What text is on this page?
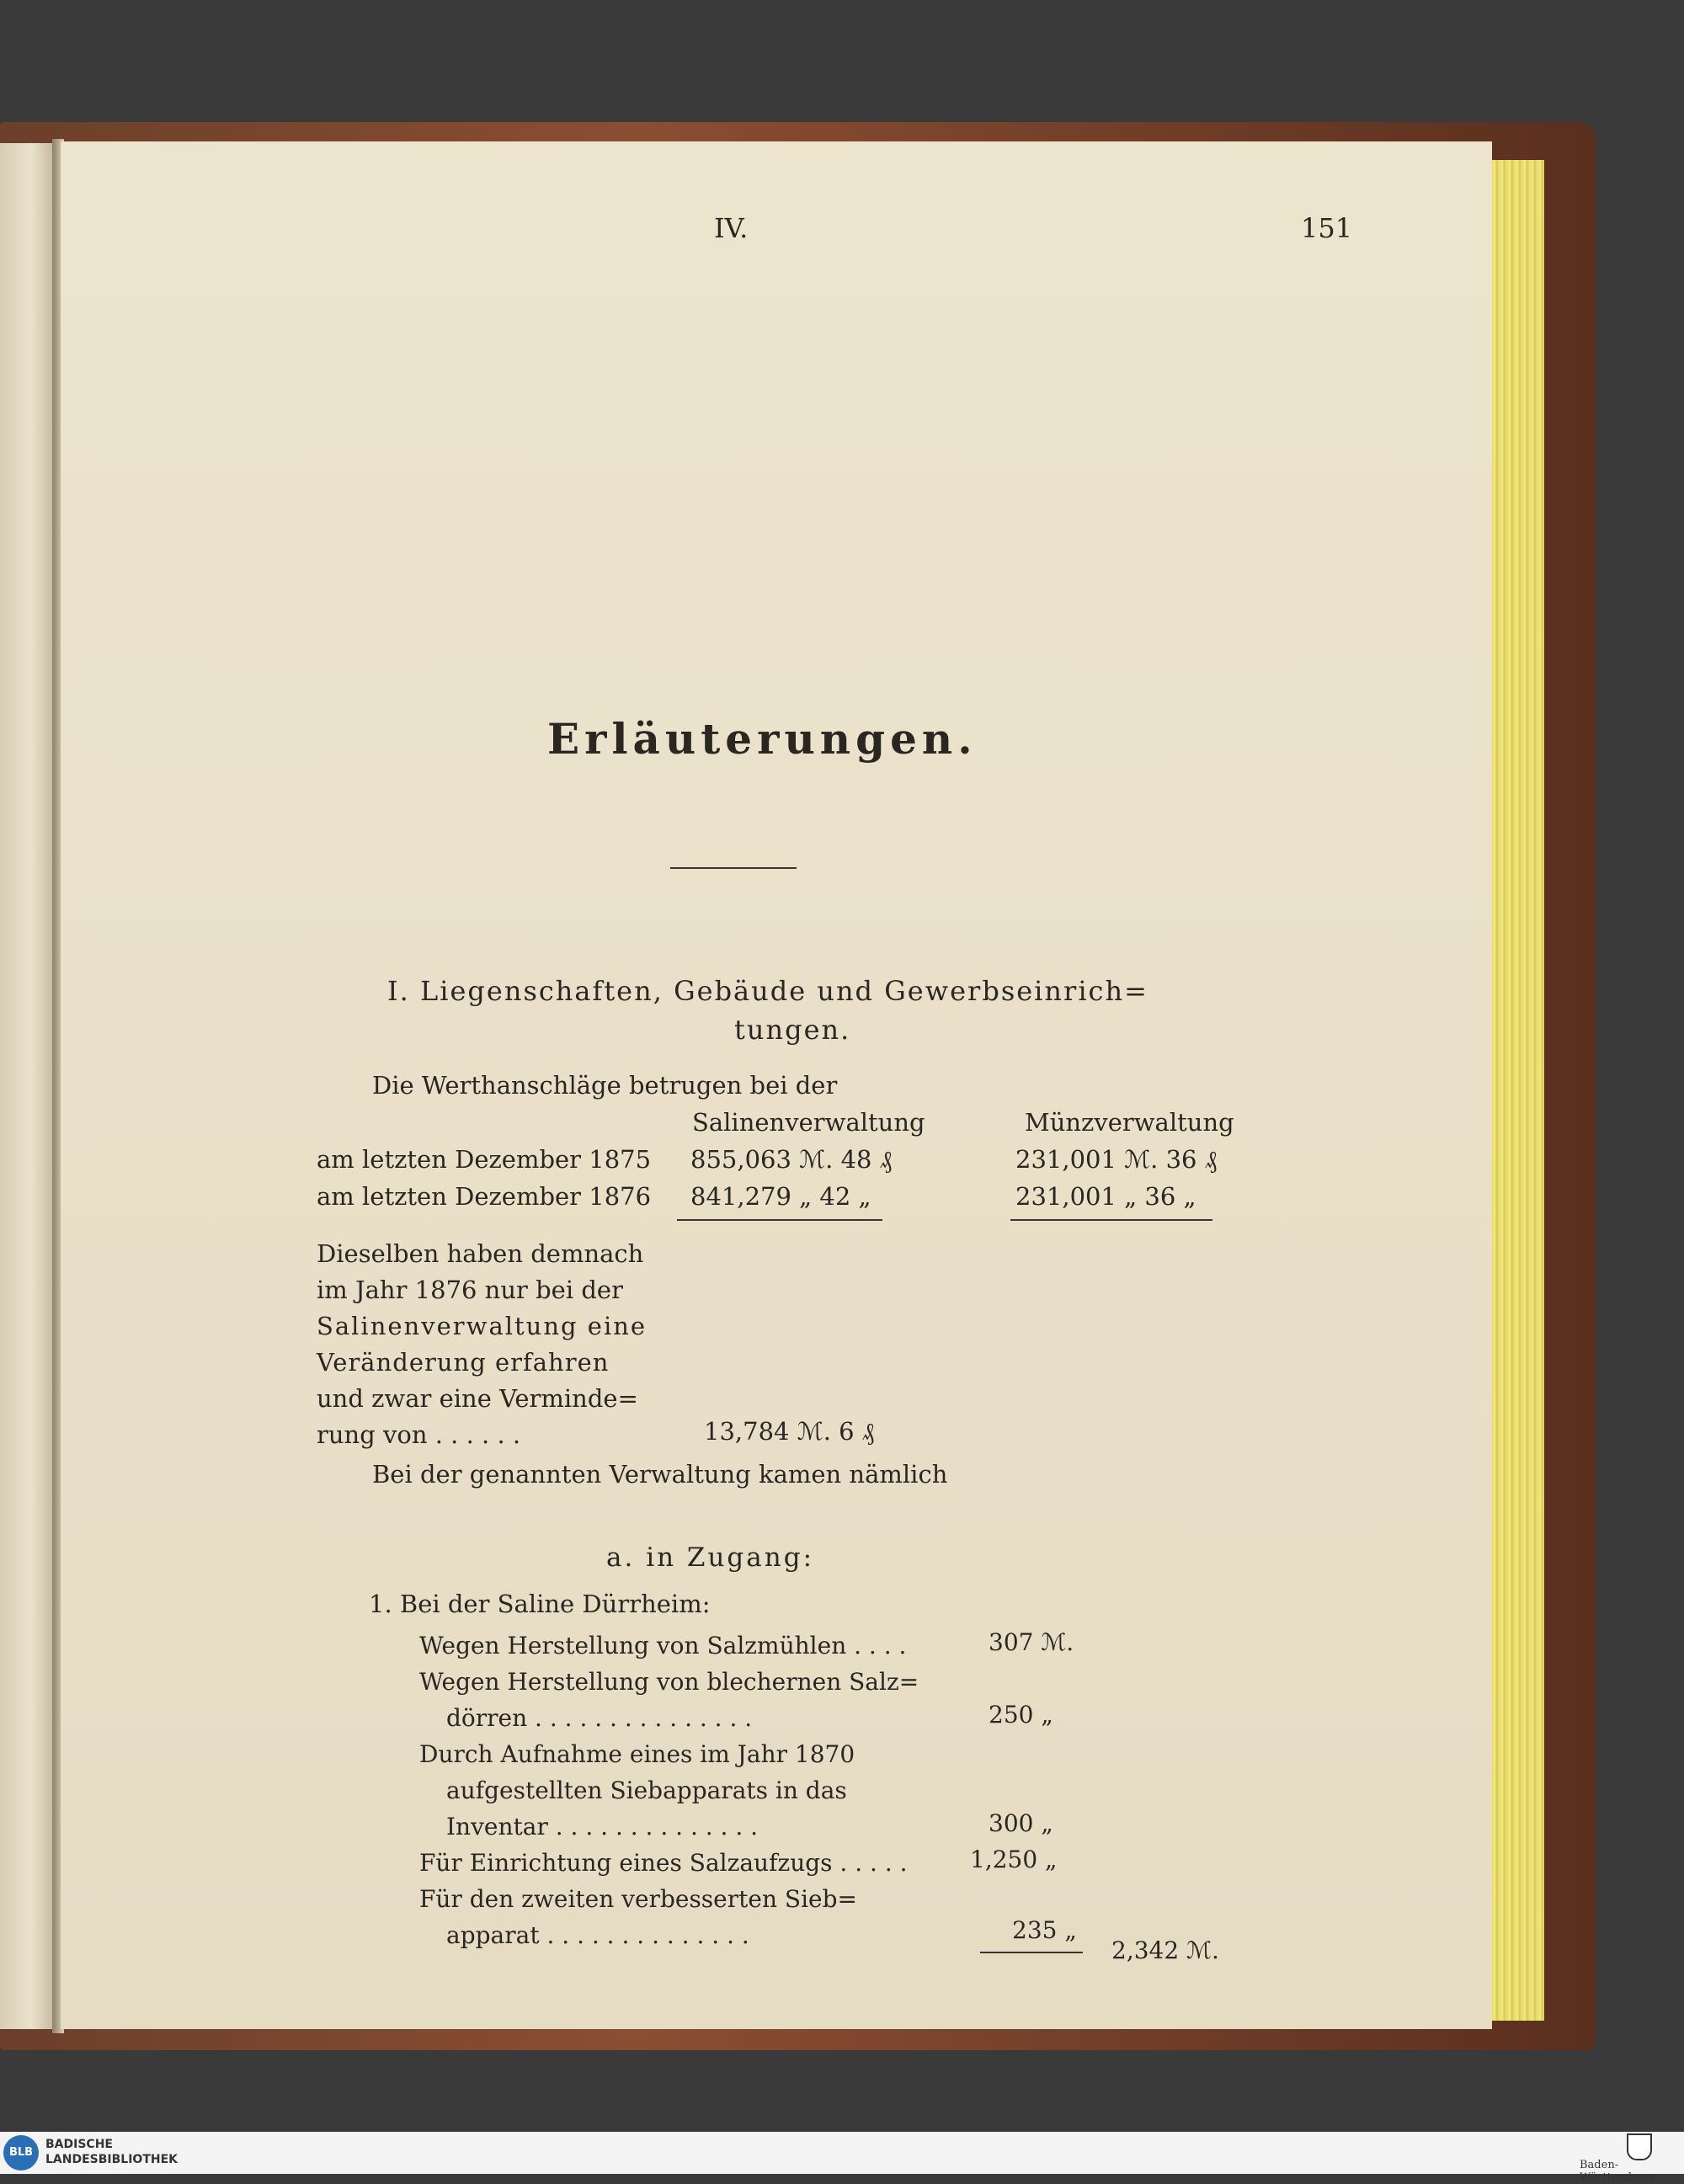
IV.	151
Erläuterungen.
I. Liegenschaften, Gebäude und Gewerbseinrich=
tungen.
Die Werthanschläge betrugen bei der
Salinenverwaltung	Münzverwaltung
am letzten Dezember 1875 855,063 ℳ. 48 ₰	231,001 ℳ. 36 ₰
am letzten Dezember 1876 841,279 „ 42 „	231,001 „ 36 „
Dieselben haben demnach
im Jahr 1876 nur bei der
Salinenverwaltung eine
Veränderung erfahren
und zwar eine Verminde=
rung von . . . . . .	13,784 ℳ. 6 ₰
Bei der genannten Verwaltung kamen nämlich
a. in Zugang:
1. Bei der Saline Dürrheim:
Wegen Herstellung von Salzmühlen . . . .	307 ℳ.
Wegen Herstellung von blechernen Salz=
dörren . . . . . . . . . . . . . . .	250 „
Durch Aufnahme eines im Jahr 1870
aufgestellten Siebapparats in das
Inventar . . . . . . . . . . . . . .	300 „
Für Einrichtung eines Salzaufzugs . . . . .	1,250 „
Für den zweiten verbesserten Sieb=
apparat . . . . . . . . . . . . . .	235 „
2,342 ℳ.
BLB
BADISCHE
LANDESBIBLIOTHEK	Baden-Württemberg
